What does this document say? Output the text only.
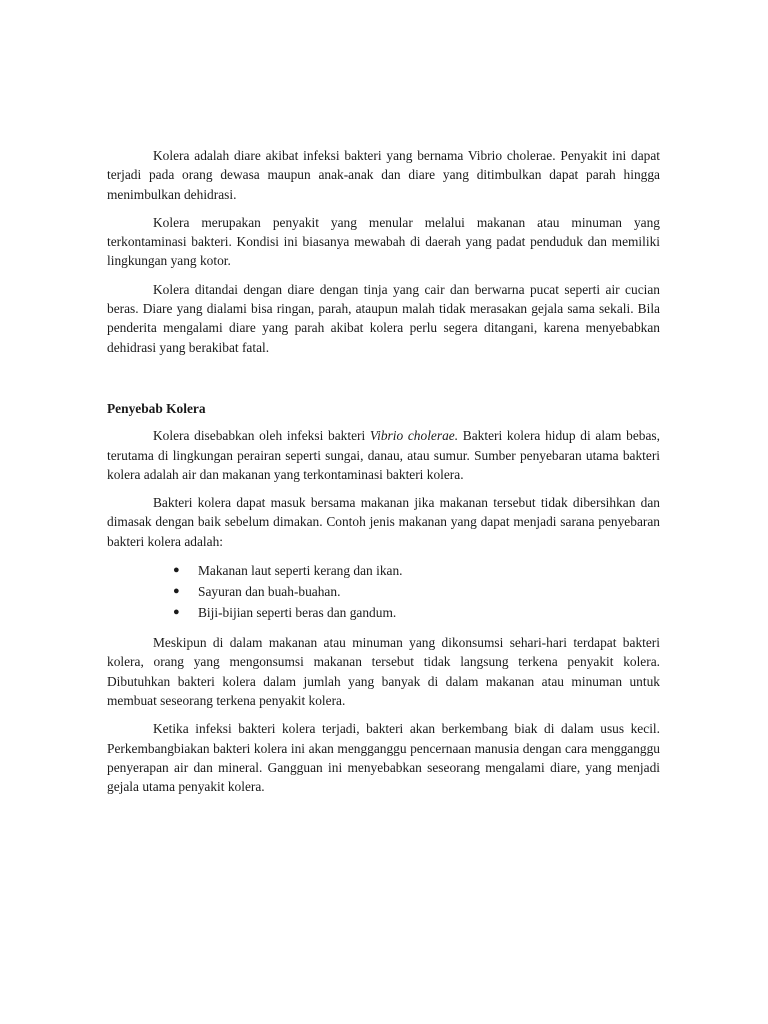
Kolera adalah diare akibat infeksi bakteri yang bernama Vibrio cholerae. Penyakit ini dapat terjadi pada orang dewasa maupun anak-anak dan diare yang ditimbulkan dapat parah hingga menimbulkan dehidrasi.

Kolera merupakan penyakit yang menular melalui makanan atau minuman yang terkontaminasi bakteri. Kondisi ini biasanya mewabah di daerah yang padat penduduk dan memiliki lingkungan yang kotor.

Kolera ditandai dengan diare dengan tinja yang cair dan berwarna pucat seperti air cucian beras. Diare yang dialami bisa ringan, parah, ataupun malah tidak merasakan gejala sama sekali. Bila penderita mengalami diare yang parah akibat kolera perlu segera ditangani, karena menyebabkan dehidrasi yang berakibat fatal.

Penyebab Kolera

Kolera disebabkan oleh infeksi bakteri Vibrio cholerae. Bakteri kolera hidup di alam bebas, terutama di lingkungan perairan seperti sungai, danau, atau sumur. Sumber penyebaran utama bakteri kolera adalah air dan makanan yang terkontaminasi bakteri kolera.

Bakteri kolera dapat masuk bersama makanan jika makanan tersebut tidak dibersihkan dan dimasak dengan baik sebelum dimakan. Contoh jenis makanan yang dapat menjadi sarana penyebaran bakteri kolera adalah:

● Makanan laut seperti kerang dan ikan.
● Sayuran dan buah-buahan.
● Biji-bijian seperti beras dan gandum.

Meskipun di dalam makanan atau minuman yang dikonsumsi sehari-hari terdapat bakteri kolera, orang yang mengonsumsi makanan tersebut tidak langsung terkena penyakit kolera. Dibutuhkan bakteri kolera dalam jumlah yang banyak di dalam makanan atau minuman untuk membuat seseorang terkena penyakit kolera.

Ketika infeksi bakteri kolera terjadi, bakteri akan berkembang biak di dalam usus kecil. Perkembangbiakan bakteri kolera ini akan mengganggu pencernaan manusia dengan cara mengganggu penyerapan air dan mineral. Gangguan ini menyebabkan seseorang mengalami diare, yang menjadi gejala utama penyakit kolera.
